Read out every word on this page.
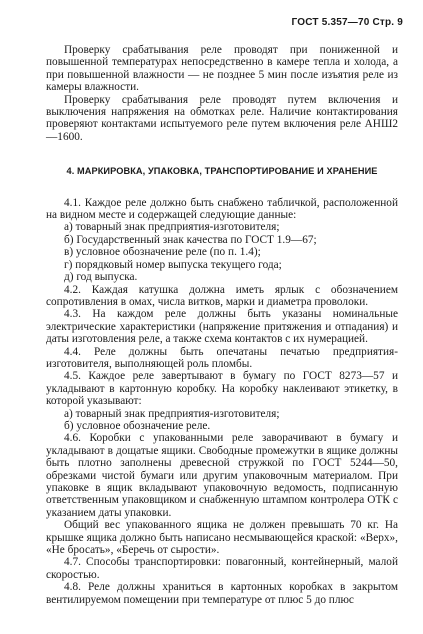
ГОСТ 5.357—70 Стр. 9

Проверку срабатывания реле проводят при пониженной и повышенной температурах непосредственно в камере тепла и холода, а при повышенной влажности — не позднее 5 мин после изъятия реле из камеры влажности.

Проверку срабатывания реле проводят путем включения и выключения напряжения на обмотках реле. Наличие контактирования проверяют контактами испытуемого реле путем включения реле АНШ2—1600.

4. МАРКИРОВКА, УПАКОВКА, ТРАНСПОРТИРОВАНИЕ И ХРАНЕНИЕ

4.1. Каждое реле должно быть снабжено табличкой, расположенной на видном месте и содержащей следующие данные:

а) товарный знак предприятия-изготовителя;

б) Государственный знак качества по ГОСТ 1.9—67;

в) условное обозначение реле (по п. 1.4);

г) порядковый номер выпуска текущего года;

д) год выпуска.

4.2. Каждая катушка должна иметь ярлык с обозначением сопротивления в омах, числа витков, марки и диаметра проволоки.

4.3. На каждом реле должны быть указаны номинальные электрические характеристики (напряжение притяжения и отпадания) и даты изготовления реле, а также схема контактов с их нумерацией.

4.4. Реле должны быть опечатаны печатью предприятия-изготовителя, выполняющей роль пломбы.

4.5. Каждое реле завертывают в бумагу по ГОСТ 8273—57 и укладывают в картонную коробку. На коробку наклеивают этикетку, в которой указывают:

а) товарный знак предприятия-изготовителя;

б) условное обозначение реле.

4.6. Коробки с упакованными реле заворачивают в бумагу и укладывают в дощатые ящики. Свободные промежутки в ящике должны быть плотно заполнены древесной стружкой по ГОСТ 5244—50, обрезками чистой бумаги или другим упаковочным материалом. При упаковке в ящик вкладывают упаковочную ведомость, подписанную ответственным упаковщиком и снабженную штампом контролера ОТК с указанием даты упаковки.

Общий вес упакованного ящика не должен превышать 70 кг. На крышке ящика должно быть написано несмывающейся краской: «Верх», «Не бросать», «Беречь от сырости».

4.7. Способы транспортировки: повагонный, контейнерный, малой скоростью.

4.8. Реле должны храниться в картонных коробках в закрытом вентилируемом помещении при температуре от плюс 5 до плюс
